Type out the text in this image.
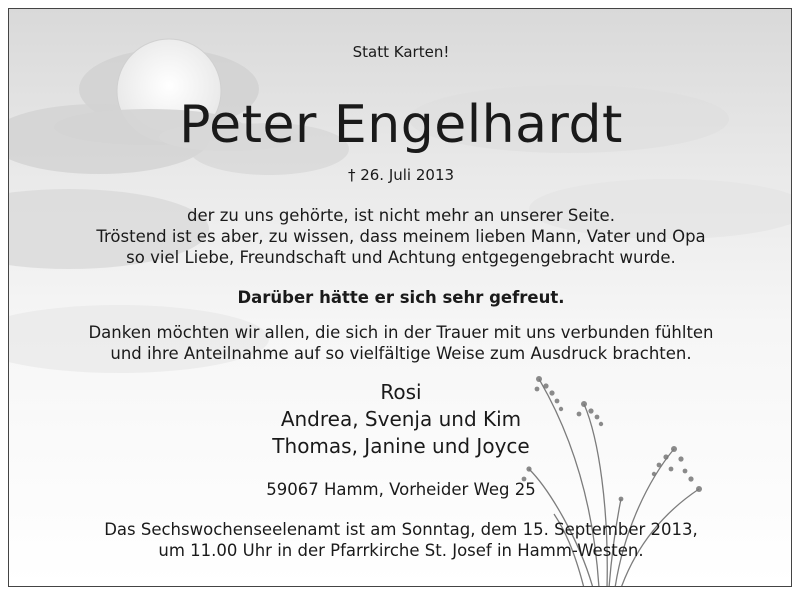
Statt Karten!
Peter Engelhardt
† 26. Juli 2013
der zu uns gehörte, ist nicht mehr an unserer Seite.
Tröstend ist es aber, zu wissen, dass meinem lieben Mann, Vater und Opa
so viel Liebe, Freundschaft und Achtung entgegengebracht wurde.
Darüber hätte er sich sehr gefreut.
Danken möchten wir allen, die sich in der Trauer mit uns verbunden fühlten
und ihre Anteilnahme auf so vielfältige Weise zum Ausdruck brachten.
Rosi
Andrea, Svenja und Kim
Thomas, Janine und Joyce
59067 Hamm, Vorheider Weg 25
Das Sechswochenseelenamt ist am Sonntag, dem 15. September 2013,
um 11.00 Uhr in der Pfarrkirche St. Josef in Hamm-Westen.
